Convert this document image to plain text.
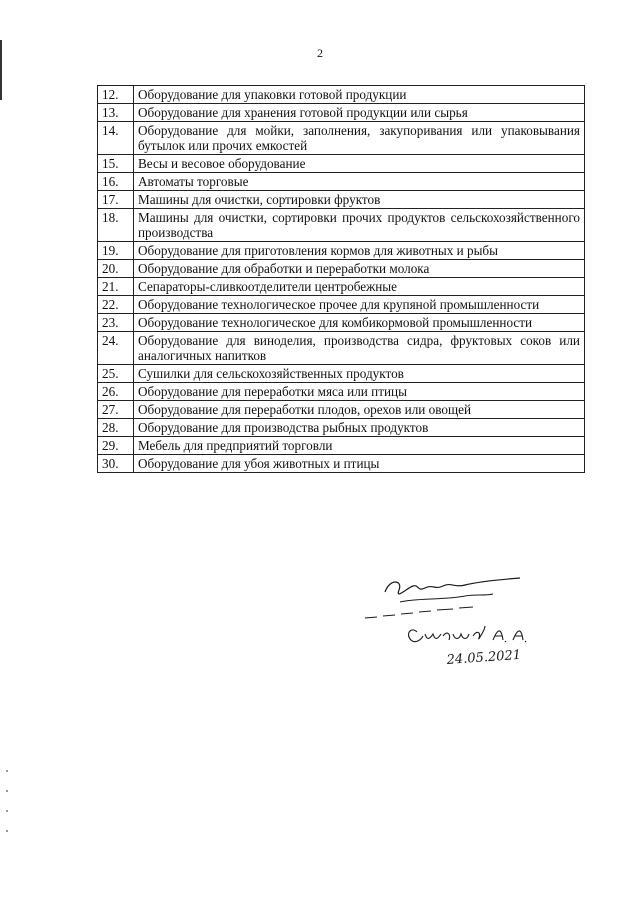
2
12.	Оборудование для упаковки готовой продукции
13.	Оборудование для хранения готовой продукции или сырья
14.	Оборудование для мойки, заполнения, закупоривания или упаковывания бутылок или прочих емкостей
15.	Весы и весовое оборудование
16.	Автоматы торговые
17.	Машины для очистки, сортировки фруктов
18.	Машины для очистки, сортировки прочих продуктов сельскохозяйственного производства
19.	Оборудование для приготовления кормов для животных и рыбы
20.	Оборудование для обработки и переработки молока
21.	Сепараторы-сливкоотделители центробежные
22.	Оборудование технологическое прочее для крупяной промышленности
23.	Оборудование технологическое для комбикормовой промышленности
24.	Оборудование для виноделия, производства сидра, фруктовых соков или аналогичных напитков
25.	Сушилки для сельскохозяйственных продуктов
26.	Оборудование для переработки мяса или птицы
27.	Оборудование для переработки плодов, орехов или овощей
28.	Оборудование для производства рыбных продуктов
29.	Мебель для предприятий торговли
30.	Оборудование для убоя животных и птицы
24.05.2021
